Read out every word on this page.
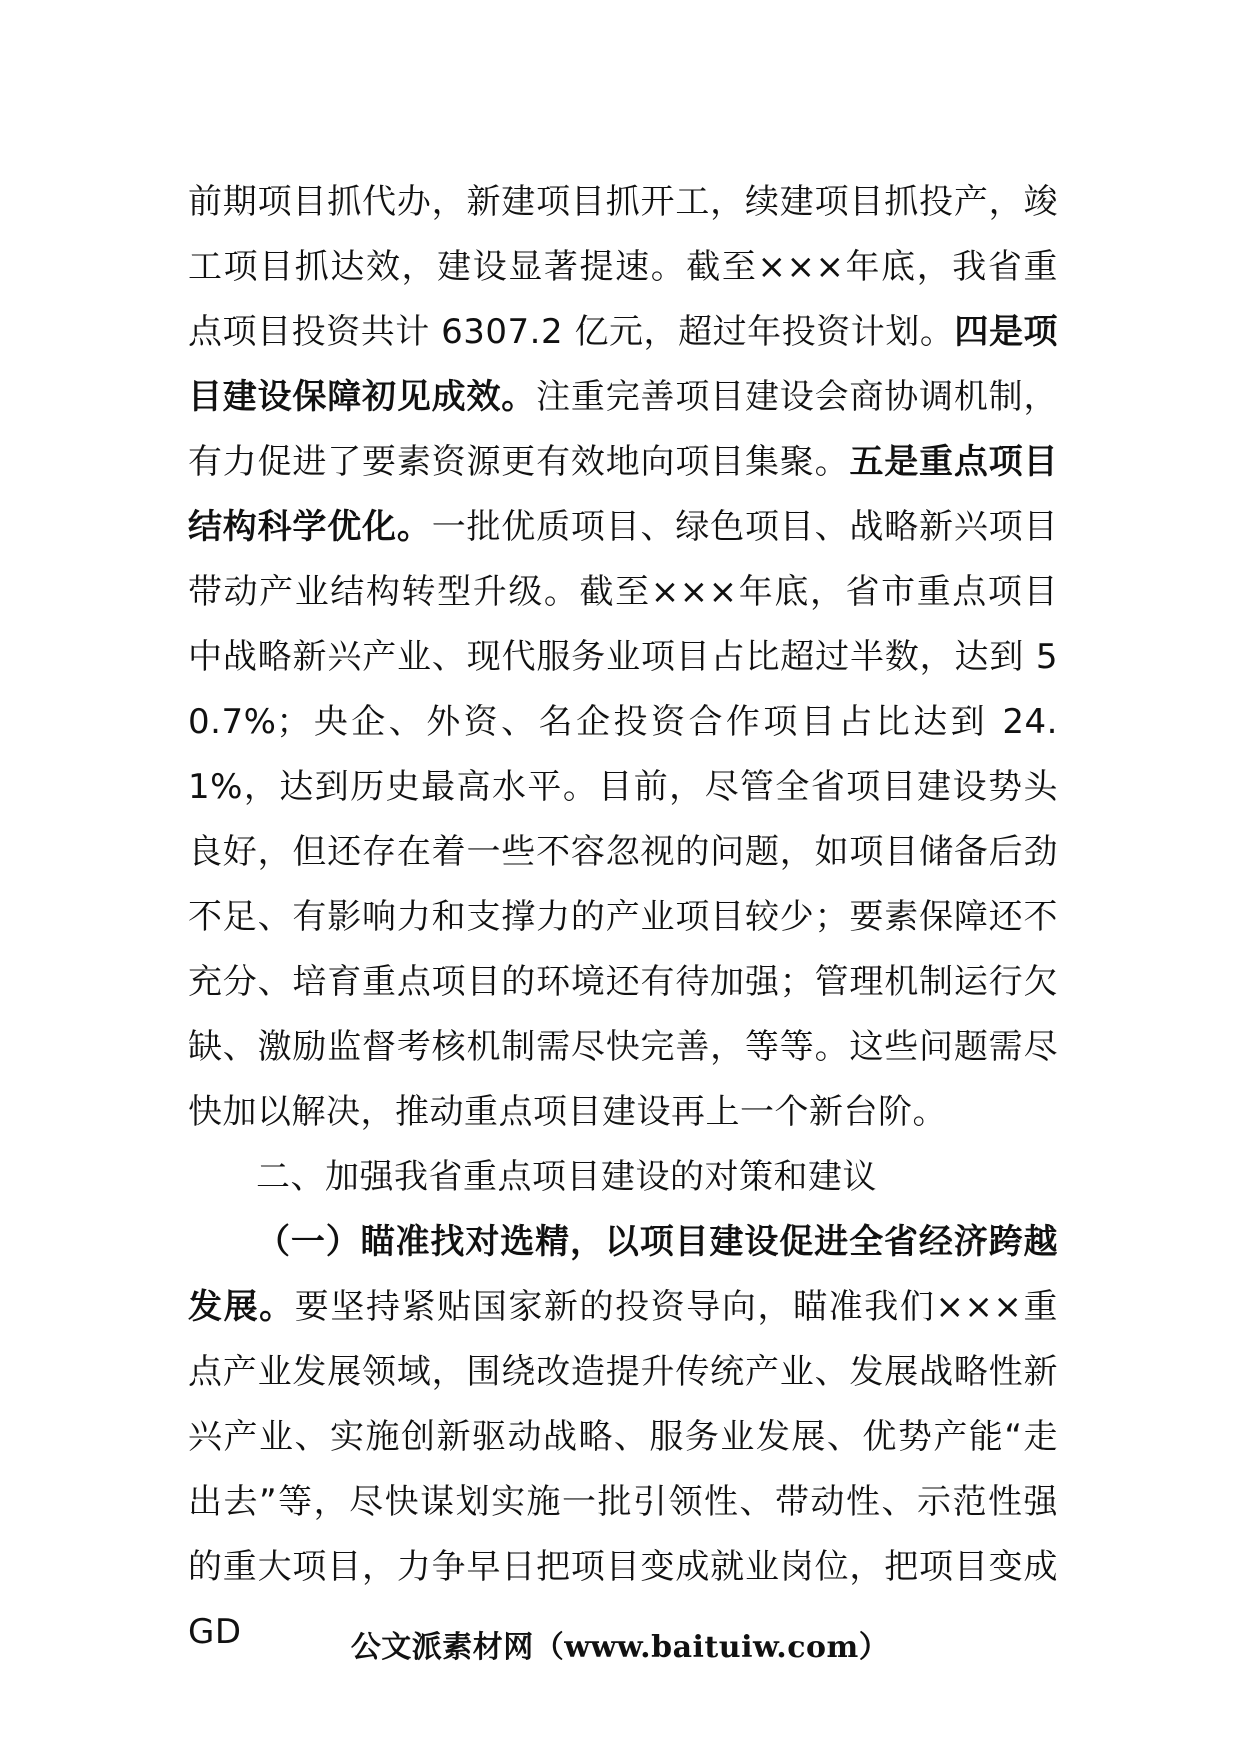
前期项目抓代办，新建项目抓开工，续建项目抓投产，竣工项目抓达效，建设显著提速。截至×××年底，我省重点项目投资共计 6307.2 亿元，超过年投资计划。四是项目建设保障初见成效。注重完善项目建设会商协调机制，有力促进了要素资源更有效地向项目集聚。五是重点项目结构科学优化。一批优质项目、绿色项目、战略新兴项目带动产业结构转型升级。截至×××年底，省市重点项目中战略新兴产业、现代服务业项目占比超过半数，达到 50.7%；央企、外资、名企投资合作项目占比达到 24.1%，达到历史最高水平。目前，尽管全省项目建设势头良好，但还存在着一些不容忽视的问题，如项目储备后劲不足、有影响力和支撑力的产业项目较少；要素保障还不充分、培育重点项目的环境还有待加强；管理机制运行欠缺、激励监督考核机制需尽快完善，等等。这些问题需尽快加以解决，推动重点项目建设再上一个新台阶。

二、加强我省重点项目建设的对策和建议

（一）瞄准找对选精，以项目建设促进全省经济跨越发展。要坚持紧贴国家新的投资导向，瞄准我们×××重点产业发展领域，围绕改造提升传统产业、发展战略性新兴产业、实施创新驱动战略、服务业发展、优势产能“走出去”等，尽快谋划实施一批引领性、带动性、示范性强的重大项目，力争早日把项目变成就业岗位，把项目变成 GD	公文派素材网（www.baituiw.com）
